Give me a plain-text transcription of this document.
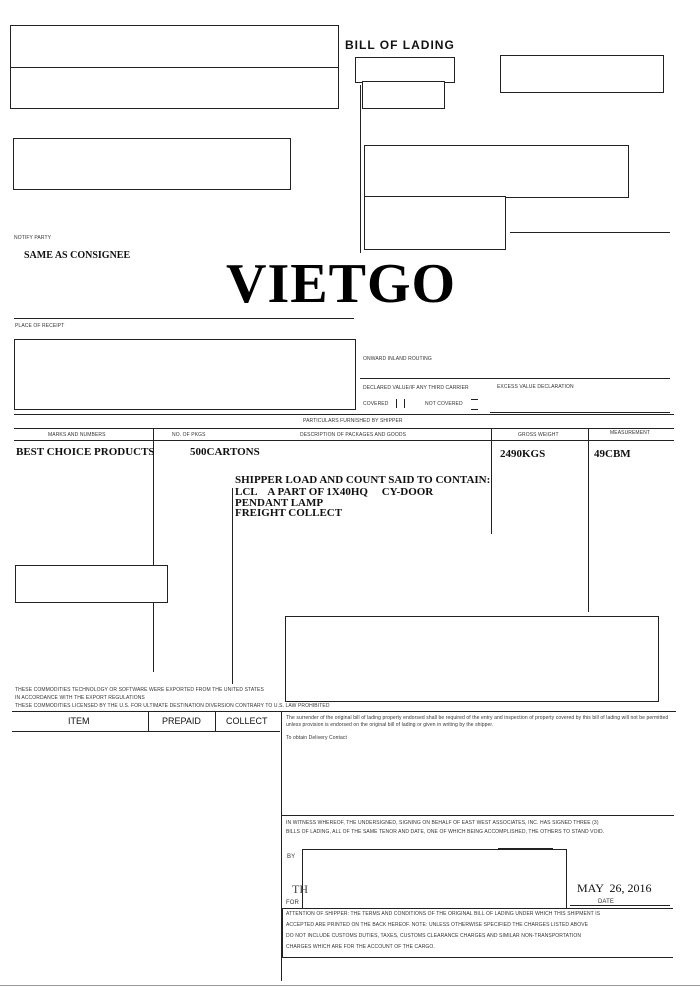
BILL OF LADING
NOTIFY PARTY
SAME AS CONSIGNEE VIETGO
PLACE OF RECEIPT
ONWARD INLAND ROUTING
DECLARED VALUE/IF ANY THIRD CARRIER	EXCESS VALUE DECLARATION
COVERED	NOT COVERED
PARTICULARS FURNISHED BY SHIPPER
MARKS AND NUMBERS	NO. OF PKGS	DESCRIPTION OF PACKAGES AND GOODS	GROSS WEIGHT	MEASUREMENT
BEST CHOICE PRODUCTS	500CARTONS	2490KGS	49CBM
SHIPPER LOAD AND COUNT SAID TO CONTAIN:
LCL    A PART OF 1X40HQ     CY-DOOR
PENDANT LAMP
FREIGHT COLLECT
THESE COMMODITIES TECHNOLOGY OR SOFTWARE WERE EXPORTED FROM THE UNITED STATES
IN ACCORDANCE WITH THE EXPORT REGULATIONS
THESE COMMODITIES LICENSED BY THE U.S. FOR ULTIMATE DESTINATION DIVERSION CONTRARY TO U.S. LAW PROHIBITED
ITEM	PREPAID	COLLECT	The surrender of the original bill of lading property endorsed shall be required of the entry and inspection of property covered by this bill of lading will not be permitted unless provision is endorsed on the original bill of lading or given in writing by the shipper.
To obtain Delivery Contact
IN WITNESS WHEREOF, THE UNDERSIGNED, SIGNING ON BEHALF OF EAST WEST ASSOCIATES, INC. HAS SIGNED THREE (3)
BILLS OF LADING, ALL OF THE SAME TENOR AND DATE, ONE OF WHICH BEING ACCOMPLISHED, THE OTHERS TO STAND VOID.
BY
TH
FOR
MAY  26, 2016
DATE
ATTENTION OF SHIPPER: THE TERMS AND CONDITIONS OF THE ORIGINAL BILL OF LADING UNDER WHICH THIS SHIPMENT IS
ACCEPTED ARE PRINTED ON THE BACK HEREOF. NOTE: UNLESS OTHERWISE SPECIFIED THE CHARGES LISTED ABOVE
DO NOT INCLUDE CUSTOMS DUTIES, TAXES, CUSTOMS CLEARANCE CHARGES AND SIMILAR NON-TRANSPORTATION
CHARGES WHICH ARE FOR THE ACCOUNT OF THE CARGO.
